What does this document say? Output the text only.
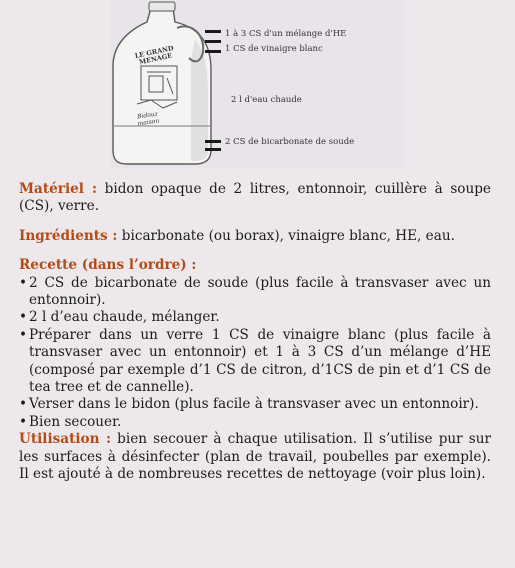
LE GRAND MENAGE
Bidouz maison
1 à 3 CS d'un mélange d'HE
1 CS de vinaigre blanc
2 l d'eau chaude
2 CS de bicarbonate de soude

Matériel : bidon opaque de 2 litres, entonnoir, cuillère à soupe (CS), verre.

Ingrédients : bicarbonate (ou borax), vinaigre blanc, HE, eau.

Recette (dans l’ordre) :

• 2 CS de bicarbonate de soude (plus facile à transvaser avec un entonnoir).
• 2 l d’eau chaude, mélanger.
• Préparer dans un verre 1 CS de vinaigre blanc (plus facile à transvaser avec un entonnoir) et 1 à 3 CS d’un mélange d’HE (composé par exemple d’1 CS de citron, d’1CS de pin et d’1 CS de tea tree et de cannelle).
• Verser dans le bidon (plus facile à transvaser avec un entonnoir).
• Bien secouer.

Utilisation : bien secouer à chaque utilisation. Il s’utilise pur sur les surfaces à désinfecter (plan de travail, poubelles par exemple). Il est ajouté à de nombreuses recettes de nettoyage (voir plus loin).
